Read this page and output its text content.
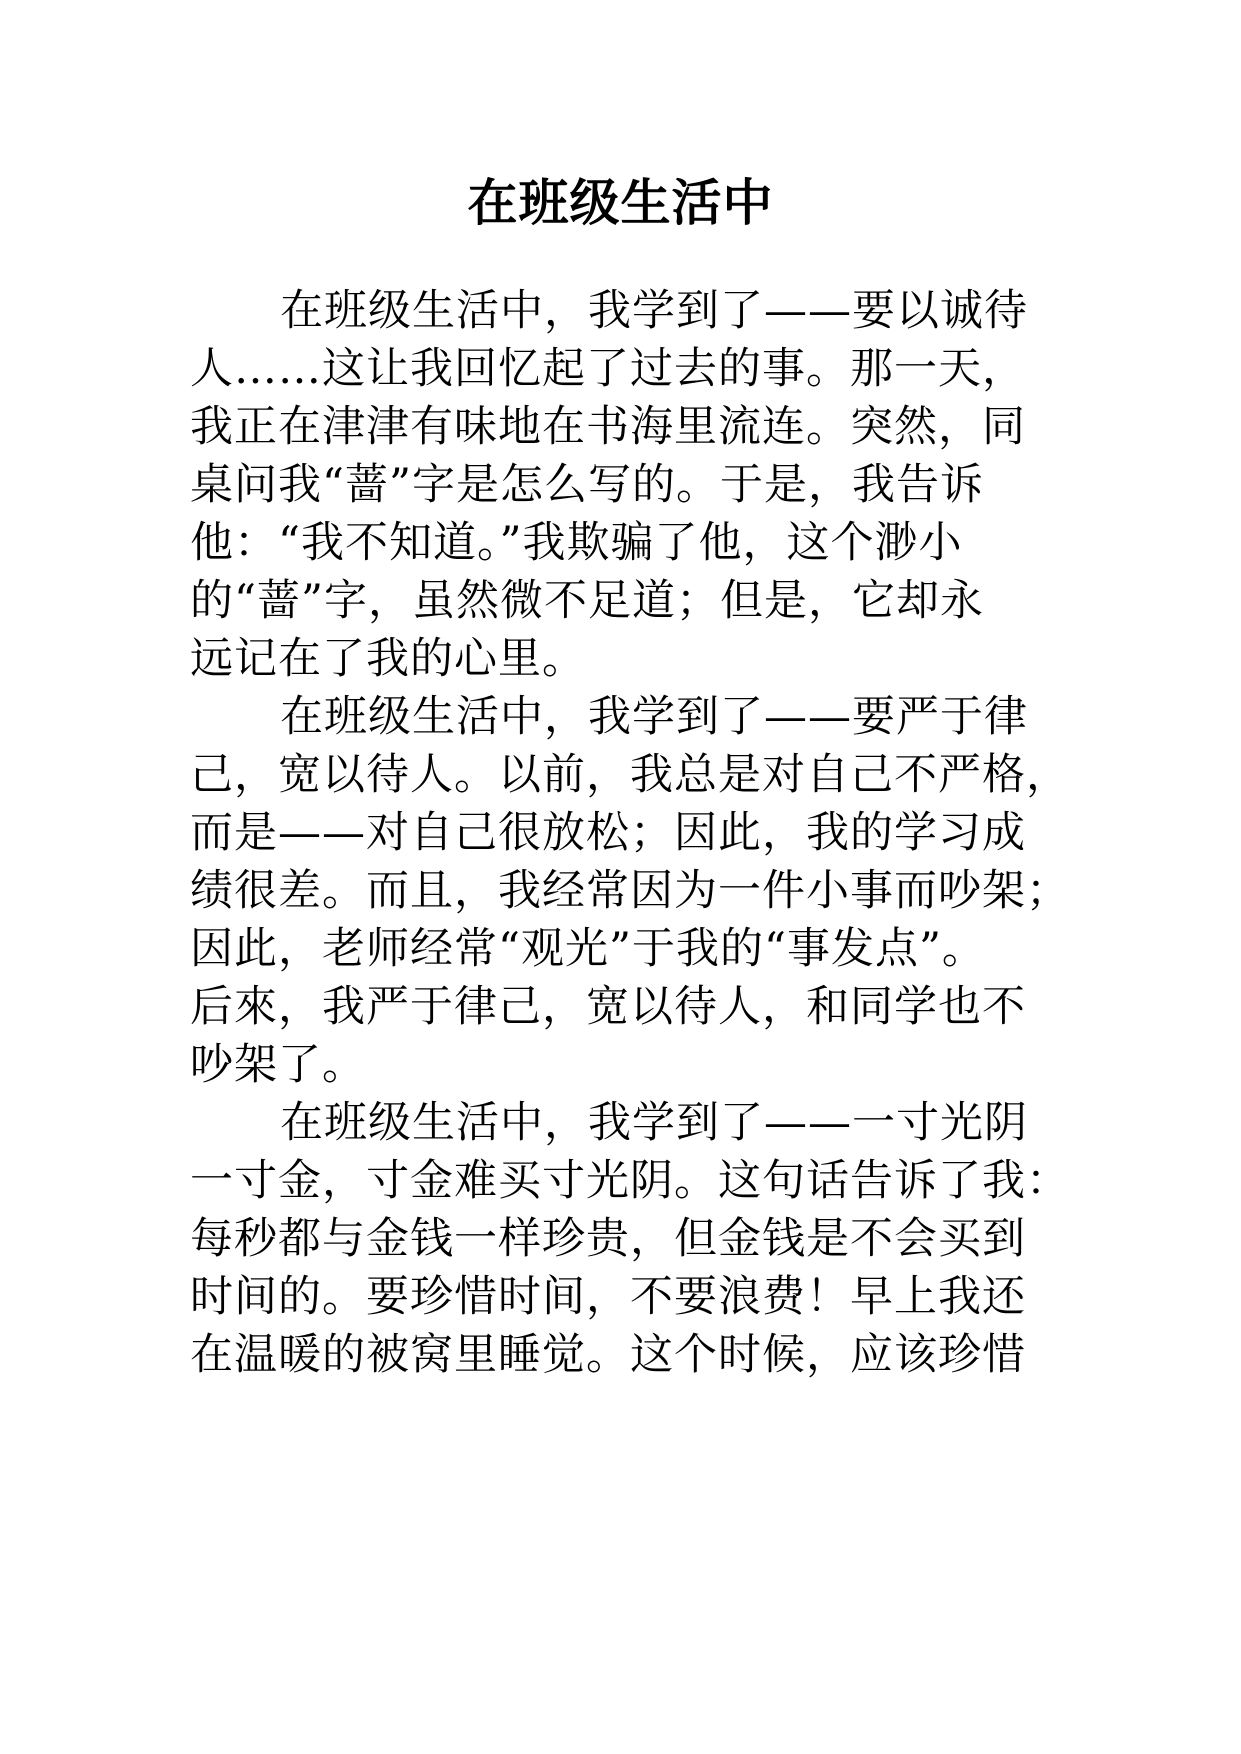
在班级生活中
在班级生活中，我学到了——要以诚待
人……这让我回忆起了过去的事。那一天，
我正在津津有味地在书海里流连。突然，同
桌问我“蔷”字是怎么写的。于是，我告诉
他：“我不知道。”我欺骗了他，这个渺小
的“蔷”字，虽然微不足道；但是，它却永
远记在了我的心里。
在班级生活中，我学到了——要严于律
己，宽以待人。以前，我总是对自己不严格，
而是——对自己很放松；因此，我的学习成
绩很差。而且，我经常因为一件小事而吵架；
因此，老师经常“观光”于我的“事发点”。
后來，我严于律己，宽以待人，和同学也不
吵架了。
在班级生活中，我学到了——一寸光阴
一寸金，寸金难买寸光阴。这句话告诉了我：
每秒都与金钱一样珍贵，但金钱是不会买到
时间的。要珍惜时间，不要浪费！早上我还
在温暖的被窝里睡觉。这个时候，应该珍惜
